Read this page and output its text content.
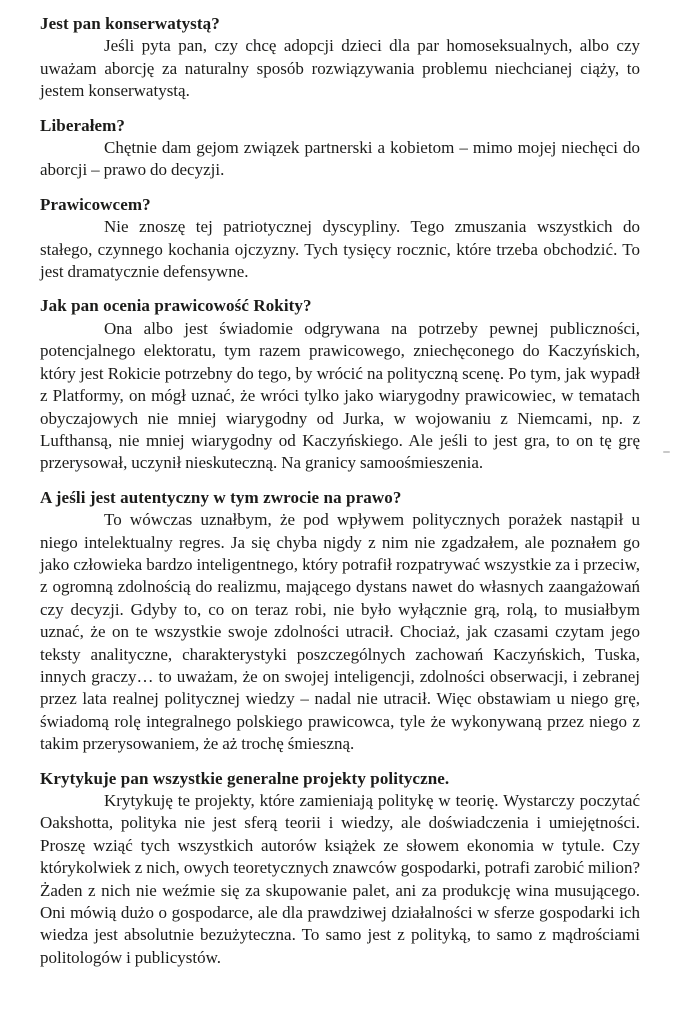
Jest pan konserwatystą?

Jeśli pyta pan, czy chcę adopcji dzieci dla par homoseksualnych, albo czy uważam aborcję za naturalny sposób rozwiązywania problemu niechcianej ciąży, to jestem konserwatystą.

Liberałem?

Chętnie dam gejom związek partnerski a kobietom – mimo mojej niechęci do aborcji – prawo do decyzji.

Prawicowcem?

Nie znoszę tej patriotycznej dyscypliny. Tego zmuszania wszystkich do stałego, czynnego kochania ojczyzny. Tych tysięcy rocznic, które trzeba obchodzić. To jest dramatycznie defensywne.

Jak pan ocenia prawicowość Rokity?

Ona albo jest świadomie odgrywana na potrzeby pewnej publiczności, potencjalnego elektoratu, tym razem prawicowego, zniechęconego do Kaczyńskich, który jest Rokicie potrzebny do tego, by wrócić na polityczną scenę. Po tym, jak wypadł z Platformy, on mógł uznać, że wróci tylko jako wiarygodny prawicowiec, w tematach obyczajowych nie mniej wiarygodny od Jurka, w wojowaniu z Niemcami, np. z Lufthansą, nie mniej wiarygodny od Kaczyńskiego. Ale jeśli to jest gra, to on tę grę przerysował, uczynił nieskuteczną. Na granicy samoośmieszenia.

A jeśli jest autentyczny w tym zwrocie na prawo?

To wówczas uznałbym, że pod wpływem politycznych porażek nastąpił u niego intelektualny regres. Ja się chyba nigdy z nim nie zgadzałem, ale poznałem go jako człowieka bardzo inteligentnego, który potrafił rozpatrywać wszystkie za i przeciw, z ogromną zdolnością do realizmu, mającego dystans nawet do własnych zaangażowań czy decyzji. Gdyby to, co on teraz robi, nie było wyłącznie grą, rolą, to musiałbym uznać, że on te wszystkie swoje zdolności utracił. Chociaż, jak czasami czytam jego teksty analityczne, charakterystyki poszczególnych zachowań Kaczyńskich, Tuska, innych graczy… to uważam, że on swojej inteligencji, zdolności obserwacji, i zebranej przez lata realnej politycznej wiedzy – nadal nie utracił. Więc obstawiam u niego grę, świadomą rolę integralnego polskiego prawicowca, tyle że wykonywaną przez niego z takim przerysowaniem, że aż trochę śmieszną.

Krytykuje pan wszystkie generalne projekty polityczne.

Krytykuję te projekty, które zamieniają politykę w teorię. Wystarczy poczytać Oakshotta, polityka nie jest sferą teorii i wiedzy, ale doświadczenia i umiejętności. Proszę wziąć tych wszystkich autorów książek ze słowem ekonomia w tytule. Czy którykolwiek z nich, owych teoretycznych znawców gospodarki, potrafi zarobić milion? Żaden z nich nie weźmie się za skupowanie palet, ani za produkcję wina musującego. Oni mówią dużo o gospodarce, ale dla prawdziwej działalności w sferze gospodarki ich wiedza jest absolutnie bezużyteczna. To samo jest z polityką, to samo z mądrościami politologów i publicystów.
